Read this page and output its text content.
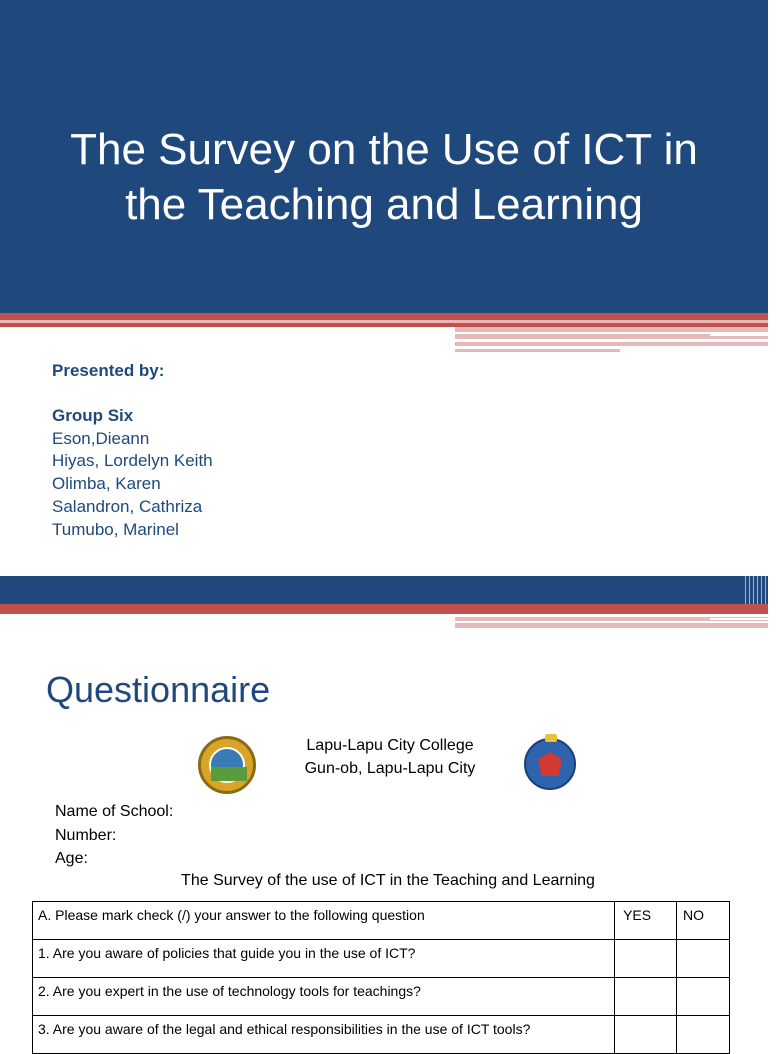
The Survey on the Use of ICT in the Teaching and Learning
Presented by:
Group Six
Eson,Dieann
Hiyas, Lordelyn Keith
Olimba, Karen
Salandron, Cathriza
Tumubo, Marinel
Questionnaire
Lapu-Lapu City College
Gun-ob, Lapu-Lapu City
Name of School:
Number:
Age:
The Survey of the use of ICT in the Teaching and Learning
A. Please mark check (/) your answer to the following question	YES	NO
1. Are you aware of policies that guide you in the use of ICT?		
2. Are you expert in the use of technology tools for teachings?		
3. Are you aware of the legal and ethical responsibilities in the use of ICT tools?		
